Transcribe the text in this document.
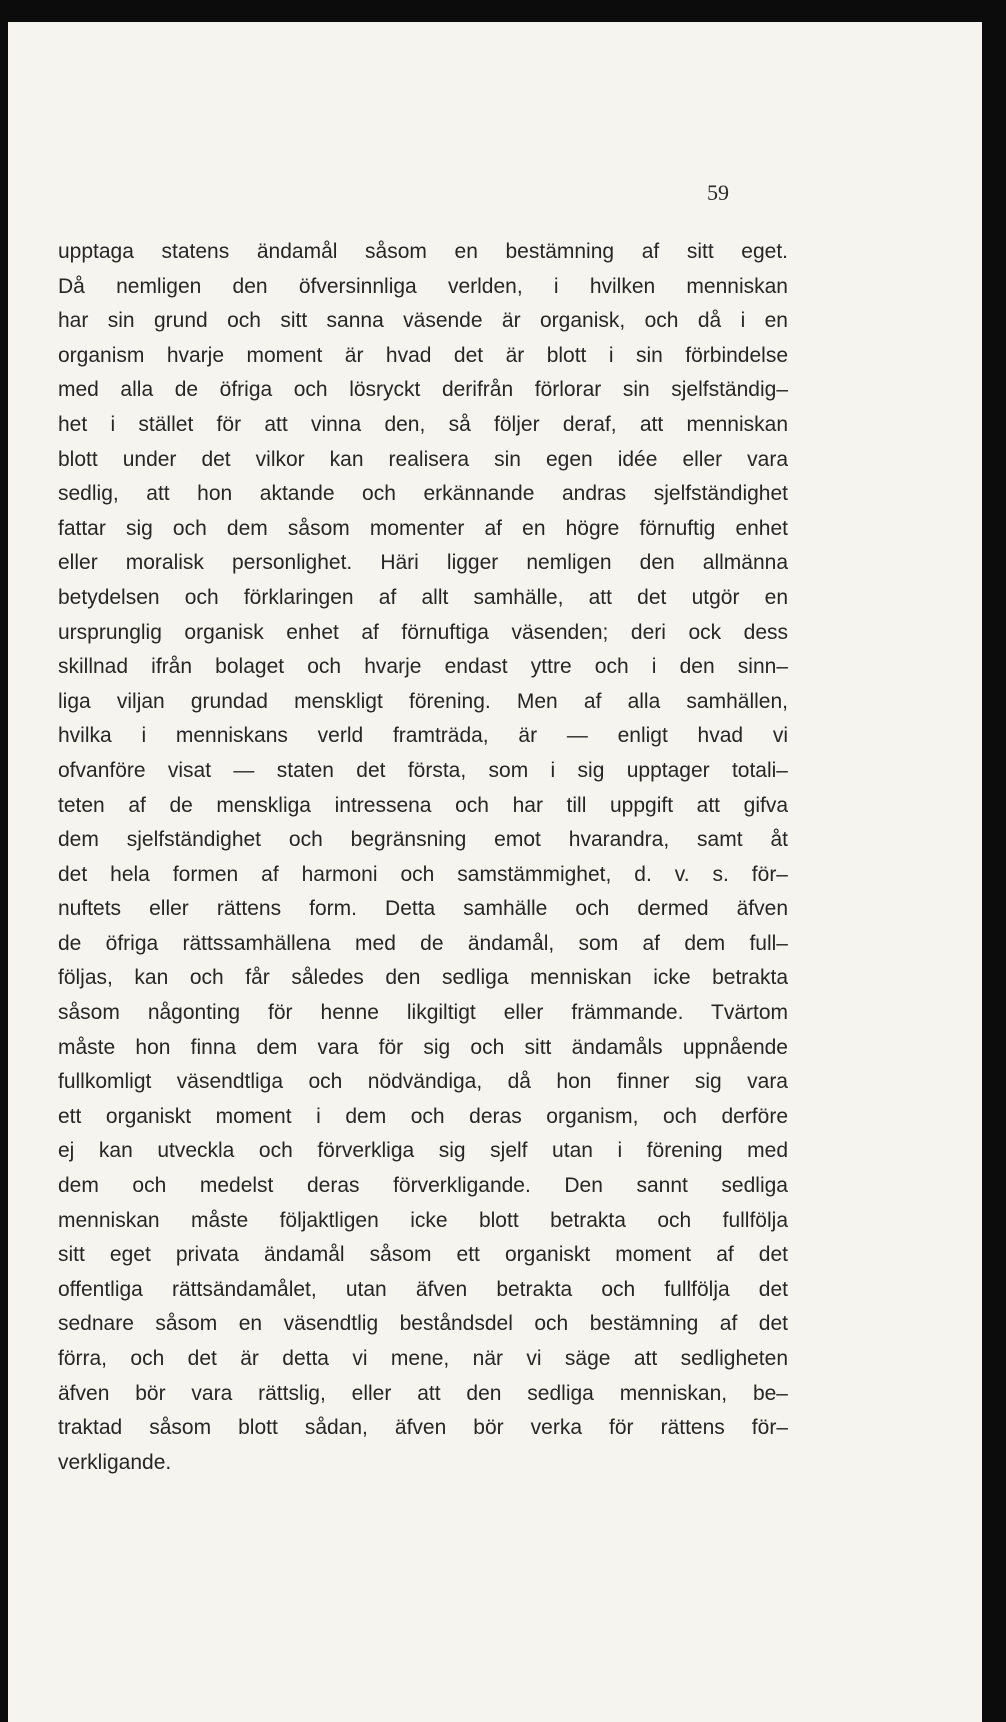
59
upptaga statens ändamål såsom en bestämning af sitt eget.
Då nemligen den öfversinnliga verlden, i hvilken menniskan
har sin grund och sitt sanna väsende är organisk, och då i en
organism hvarje moment är hvad det är blott i sin förbindelse
med alla de öfriga och lösryckt derifrån förlorar sin sjelfständig–
het i stället för att vinna den, så följer deraf, att menniskan
blott under det vilkor kan realisera sin egen idée eller vara
sedlig, att hon aktande och erkännande andras sjelfständighet
fattar sig och dem såsom momenter af en högre förnuftig enhet
eller moralisk personlighet. Häri ligger nemligen den allmänna
betydelsen och förklaringen af allt samhälle, att det utgör en
ursprunglig organisk enhet af förnuftiga väsenden; deri ock dess
skillnad ifrån bolaget och hvarje endast yttre och i den sinn–
liga viljan grundad menskligt förening. Men af alla samhällen,
hvilka i menniskans verld framträda, är — enligt hvad vi
ofvanföre visat — staten det första, som i sig upptager totali–
teten af de menskliga intressena och har till uppgift att gifva
dem sjelfständighet och begränsning emot hvarandra, samt åt
det hela formen af harmoni och samstämmighet, d. v. s. för–
nuftets eller rättens form. Detta samhälle och dermed äfven
de öfriga rättssamhällena med de ändamål, som af dem full–
följas, kan och får således den sedliga menniskan icke betrakta
såsom någonting för henne likgiltigt eller främmande. Tvärtom
måste hon finna dem vara för sig och sitt ändamåls uppnående
fullkomligt väsendtliga och nödvändiga, då hon finner sig vara
ett organiskt moment i dem och deras organism, och derföre
ej kan utveckla och förverkliga sig sjelf utan i förening med
dem och medelst deras förverkligande. Den sannt sedliga
menniskan måste följaktligen icke blott betrakta och fullfölja
sitt eget privata ändamål såsom ett organiskt moment af det
offentliga rättsändamålet, utan äfven betrakta och fullfölja det
sednare såsom en väsendtlig beståndsdel och bestämning af det
förra, och det är detta vi mene, när vi säge att sedligheten
äfven bör vara rättslig, eller att den sedliga menniskan, be–
traktad såsom blott sådan, äfven bör verka för rättens för–
verkligande.
